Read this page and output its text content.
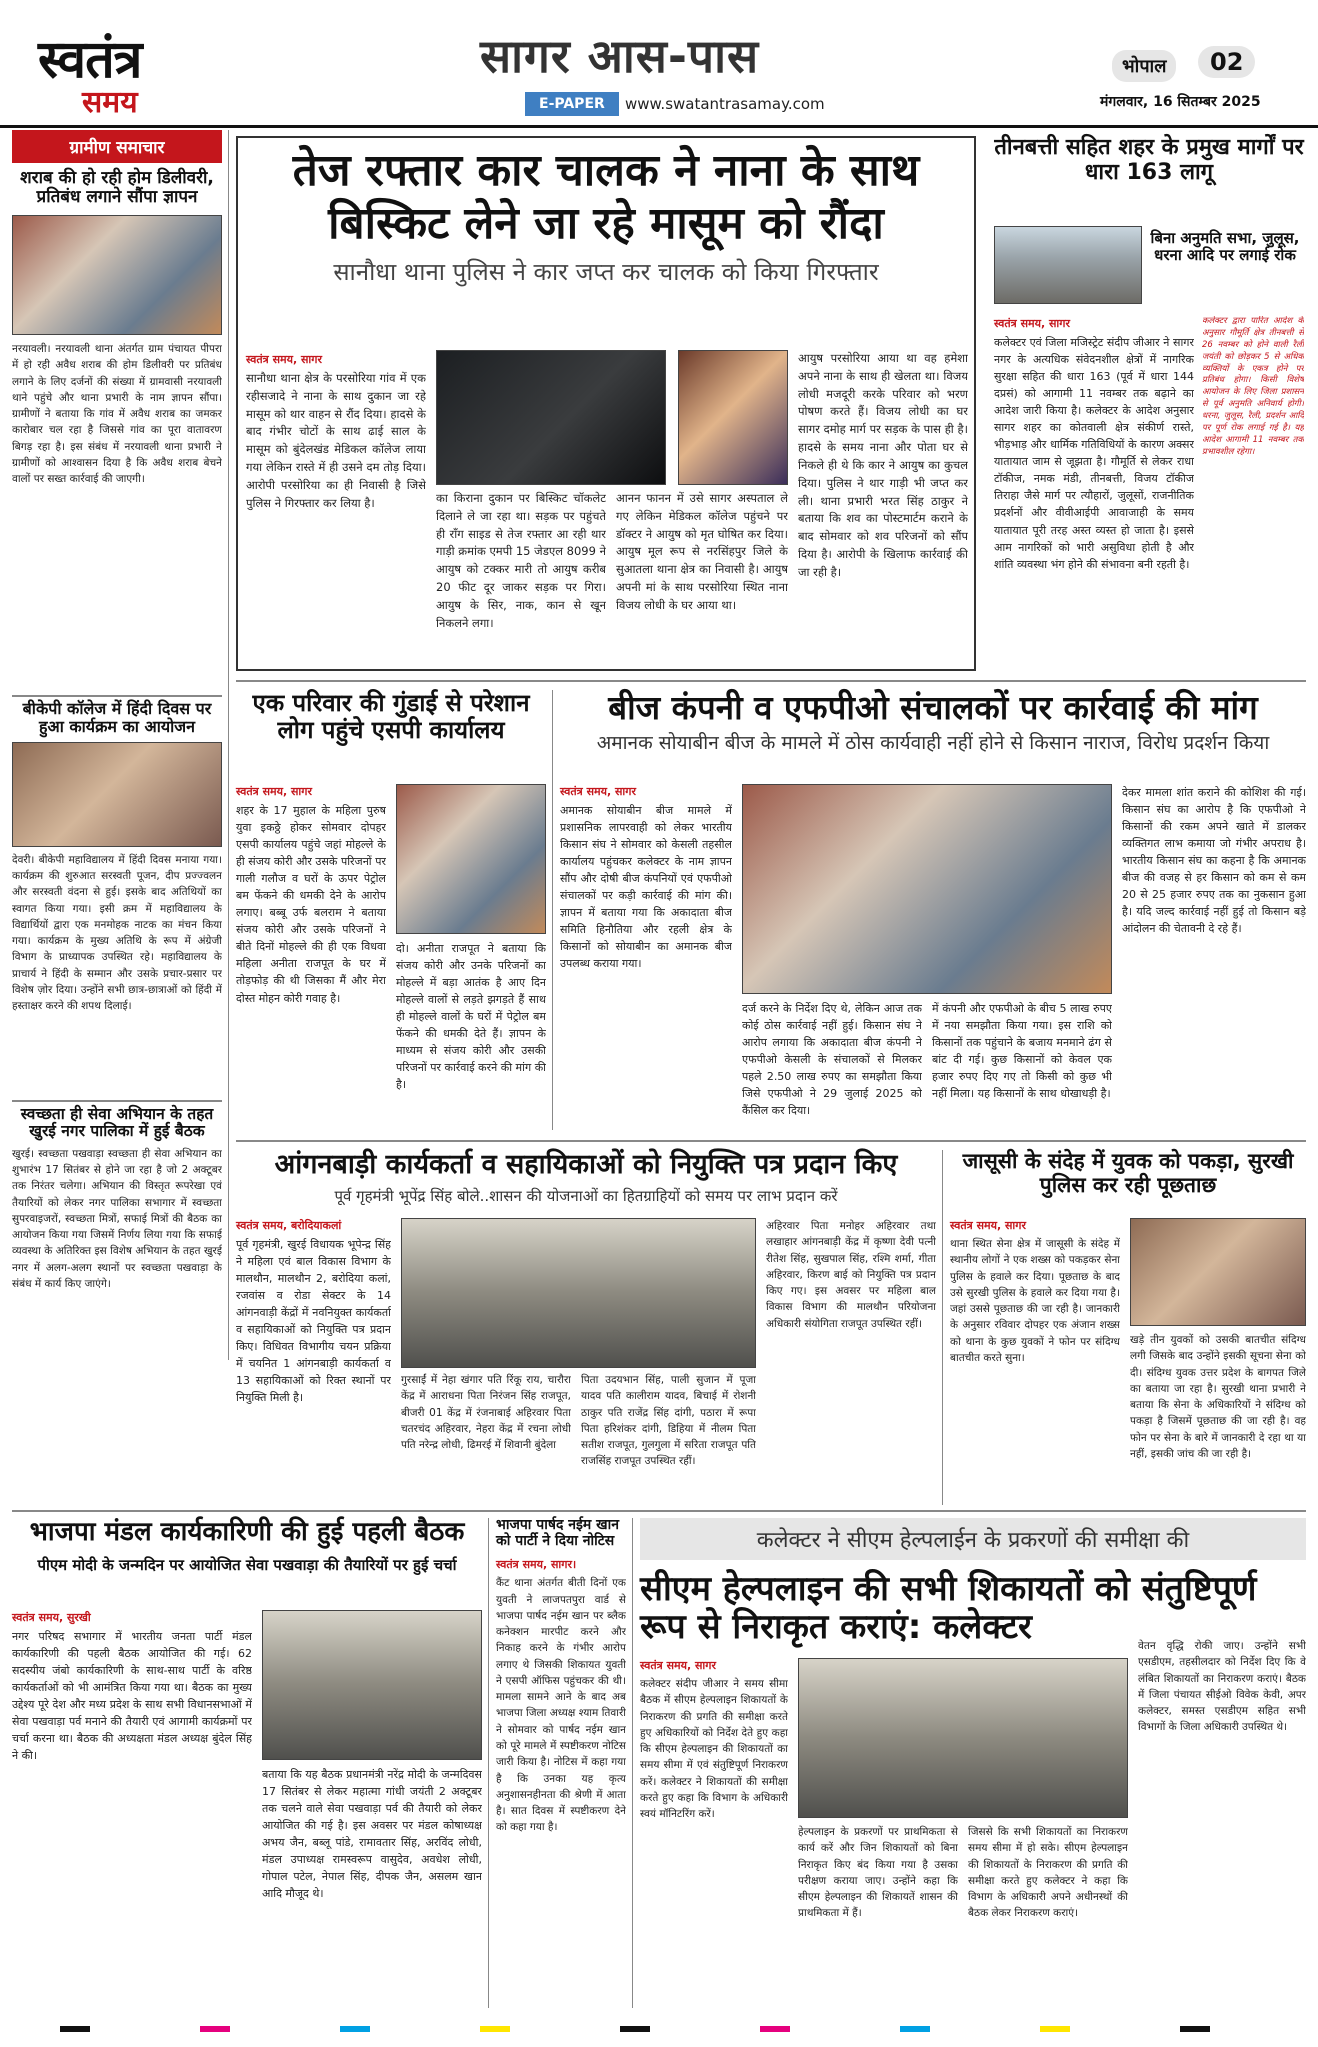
स्वतंत्र
समय
सागर आस-पास
E-PAPER	www.swatantrasamay.com
भोपाल	02
मंगलवार, 16 सितम्बर 2025
ग्रामीण समाचार
शराब की हो रही होम डिलीवरी, प्रतिबंध लगाने सौंपा ज्ञापन
नरयावली। नरयावली थाना अंतर्गत ग्राम पंचायत पीपरा में हो रही अवैध शराब की होम डिलीवरी पर प्रतिबंध लगाने के लिए दर्जनों की संख्या में ग्रामवासी नरयावली थाने पहुंचे और थाना प्रभारी के नाम ज्ञापन सौंपा। ग्रामीणों ने बताया कि गांव में अवैध शराब का जमकर कारोबार चल रहा है जिससे गांव का पूरा वातावरण बिगड़ रहा है। इस संबंध में नरयावली थाना प्रभारी ने ग्रामीणों को आश्वासन दिया है कि अवैध शराब बेचने वालों पर सख्त कार्रवाई की जाएगी।
बीकेपी कॉलेज में हिंदी दिवस पर हुआ कार्यक्रम का आयोजन
देवरी। बीकेपी महाविद्यालय में हिंदी दिवस मनाया गया। कार्यक्रम की शुरुआत सरस्वती पूजन, दीप प्रज्ज्वलन और सरस्वती वंदना से हुई। इसके बाद अतिथियों का स्वागत किया गया। इसी क्रम में महाविद्यालय के विद्यार्थियों द्वारा एक मनमोहक नाटक का मंचन किया गया। कार्यक्रम के मुख्य अतिथि के रूप में अंग्रेजी विभाग के प्राध्यापक उपस्थित रहे। महाविद्यालय के प्राचार्य ने हिंदी के सम्मान और उसके प्रचार-प्रसार पर विशेष ज़ोर दिया। उन्होंने सभी छात्र-छात्राओं को हिंदी में हस्ताक्षर करने की शपथ दिलाई।
स्वच्छता ही सेवा अभियान के तहत खुरई नगर पालिका में हुई बैठक
खुरई। स्वच्छता पखवाड़ा स्वच्छता ही सेवा अभियान का शुभारंभ 17 सितंबर से होने जा रहा है जो 2 अक्टूबर तक निरंतर चलेगा। अभियान की विस्तृत रूपरेखा एवं तैयारियों को लेकर नगर पालिका सभागार में स्वच्छता सुपरवाइजरों, स्वच्छता मित्रों, सफाई मित्रों की बैठक का आयोजन किया गया जिसमें निर्णय लिया गया कि सफाई व्यवस्था के अतिरिक्त इस विशेष अभियान के तहत खुरई नगर में अलग-अलग स्थानों पर स्वच्छता पखवाड़ा के संबंध में कार्य किए जाएंगे।
तेज रफ्तार कार चालक ने नाना के साथ
बिस्किट लेने जा रहे मासूम को रौंदा
सानौधा थाना पुलिस ने कार जप्त कर चालक को किया गिरफ्तार
स्वतंत्र समय, सागर
सानौधा थाना क्षेत्र के परसोरिया गांव में एक रहीसजादे ने नाना के साथ दुकान जा रहे मासूम को थार वाहन से रौंद दिया। हादसे के बाद गंभीर चोटों के साथ ढाई साल के मासूम को बुंदेलखंड मेडिकल कॉलेज लाया गया लेकिन रास्ते में ही उसने दम तोड़ दिया। आरोपी परसोरिया का ही निवासी है जिसे पुलिस ने गिरफ्तार कर लिया है।	का किराना दुकान पर बिस्किट चॉकलेट दिलाने ले जा रहा था। सड़क पर पहुंचते ही रॉंग साइड से तेज रफ्तार आ रही थार गाड़ी क्रमांक एमपी 15 जेडएल 8099 ने आयुष को टक्कर मारी तो आयुष करीब 20 फीट दूर जाकर सड़क पर गिरा। आयुष के सिर, नाक, कान से खून निकलने लगा।
आनन फानन में उसे सागर अस्पताल ले गए लेकिन मेडिकल कॉलेज पहुंचने पर डॉक्टर ने आयुष को मृत घोषित कर दिया। आयुष मूल रूप से नरसिंहपुर जिले के सुआतला थाना क्षेत्र का निवासी है। आयुष अपनी मां के साथ परसोरिया स्थित नाना विजय लोधी के घर आया था।
आयुष परसोरिया आया था वह हमेशा अपने नाना के साथ ही खेलता था। विजय लोधी मजदूरी करके परिवार को भरण पोषण करते हैं। विजय लोधी का घर सागर दमोह मार्ग पर सड़क के पास ही है। हादसे के समय नाना और पोता घर से निकले ही थे कि कार ने आयुष का कुचल दिया। पुलिस ने थार गाड़ी भी जप्त कर ली। थाना प्रभारी भरत सिंह ठाकुर ने बताया कि शव का पोस्टमार्टम कराने के बाद सोमवार को शव परिजनों को सौंप दिया है। आरोपी के खिलाफ कार्रवाई की जा रही है।
तीनबत्ती सहित शहर के प्रमुख मार्गों पर धारा 163 लागू
बिना अनुमति सभा, जुलूस, धरना आदि पर लगाई रोक
स्वतंत्र समय, सागर
कलेक्टर एवं जिला मजिस्ट्रेट संदीप जीआर ने सागर नगर के अत्यधिक संवेदनशील क्षेत्रों में नागरिक सुरक्षा सहित की धारा 163 (पूर्व में धारा 144 दप्रसं) को आगामी 11 नवम्बर तक बढ़ाने का आदेश जारी किया है। कलेक्टर के आदेश अनुसार सागर शहर का कोतवाली क्षेत्र संकीर्ण रास्ते, भीड़भाड़ और धार्मिक गतिविधियों के कारण अक्सर यातायात जाम से जूझता है। गौमूर्ति से लेकर राधा टॉकीज, नमक मंडी, तीनबत्ती, विजय टॉकीज तिराहा जैसे मार्ग पर त्यौहारों, जुलूसों, राजनीतिक प्रदर्शनों और वीवीआईपी आवाजाही के समय यातायात पूरी तरह अस्त व्यस्त हो जाता है। इससे आम नागरिकों को भारी असुविधा होती है और शांति व्यवस्था भंग होने की संभावना बनी रहती है।
कलेक्टर द्वारा पारित आदेश के अनुसार गौमूर्ति क्षेत्र तीनबत्ती से 26 नवम्बर को होने वाली रैली जयंती को छोड़कर 5 से अधिक व्यक्तियों के एकत्र होने पर प्रतिबंध होगा। किसी विशेष आयोजन के लिए जिला प्रशासन से पूर्व अनुमति अनिवार्य होगी। धरना, जुलूस, रैली, प्रदर्शन आदि पर पूर्ण रोक लगाई गई है। यह आदेश आगामी 11 नवम्बर तक प्रभावशील रहेगा।
एक परिवार की गुंडाई से परेशान लोग पहुंचे एसपी कार्यालय
स्वतंत्र समय, सागर
शहर के 17 मुहाल के महिला पुरुष युवा इकठ्ठे होकर सोमवार दोपहर एसपी कार्यालय पहुंचे जहां मोहल्ले के ही संजय कोरी और उसके परिजनों पर गाली गलौज व घरों के ऊपर पेट्रोल बम फेंकने की धमकी देने के आरोप लगाए। बब्बू उर्फ बलराम ने बताया संजय कोरी और उसके परिजनों ने बीते दिनों मोहल्ले की ही एक विधवा महिला अनीता राजपूत के घर में तोड़फोड़ की थी जिसका मैं और मेरा दोस्त मोहन कोरी गवाह है।
दो। अनीता राजपूत ने बताया कि संजय कोरी और उनके परिजनों का मोहल्ले में बड़ा आतंक है आए दिन मोहल्ले वालों से लड़ते झगड़ते हैं साथ ही मोहल्ले वालों के घरों में पेट्रोल बम फेंकने की धमकी देते हैं। ज्ञापन के माध्यम से संजय कोरी और उसकी परिजनों पर कार्रवाई करने की मांग की है।
बीज कंपनी व एफपीओ संचालकों पर कार्रवाई की मांग
अमानक सोयाबीन बीज के मामले में ठोस कार्यवाही नहीं होने से किसान नाराज, विरोध प्रदर्शन किया
स्वतंत्र समय, सागर
अमानक सोयाबीन बीज मामले में प्रशासनिक लापरवाही को लेकर भारतीय किसान संघ ने सोमवार को केसली तहसील कार्यालय पहुंचकर कलेक्टर के नाम ज्ञापन सौंप और दोषी बीज कंपनियों एवं एफपीओ संचालकों पर कड़ी कार्रवाई की मांग की। ज्ञापन में बताया गया कि अकादाता बीज समिति हिनौतिया और रहली क्षेत्र के किसानों को सोयाबीन का अमानक बीज उपलब्ध कराया गया।
दर्ज करने के निर्देश दिए थे, लेकिन आज तक कोई ठोस कार्रवाई नहीं हुई। किसान संघ ने आरोप लगाया कि अकादाता बीज कंपनी ने एफपीओ केसली के संचालकों से मिलकर पहले 2.50 लाख रुपए का समझौता किया जिसे एफपीओ ने 29 जुलाई 2025 को कैंसिल कर दिया।
में कंपनी और एफपीओ के बीच 5 लाख रुपए में नया समझौता किया गया। इस राशि को किसानों तक पहुंचाने के बजाय मनमाने ढंग से बांट दी गई। कुछ किसानों को केवल एक हजार रुपए दिए गए तो किसी को कुछ भी नहीं मिला। यह किसानों के साथ धोखाधड़ी है।
देकर मामला शांत कराने की कोशिश की गई। किसान संघ का आरोप है कि एफपीओ ने किसानों की रकम अपने खाते में डालकर व्यक्तिगत लाभ कमाया जो गंभीर अपराध है। भारतीय किसान संघ का कहना है कि अमानक बीज की वजह से हर किसान को कम से कम 20 से 25 हजार रुपए तक का नुकसान हुआ है। यदि जल्द कार्रवाई नहीं हुई तो किसान बड़े आंदोलन की चेतावनी दे रहे हैं।
आंगनबाड़ी कार्यकर्ता व सहायिकाओं को नियुक्ति पत्र प्रदान किए
पूर्व गृहमंत्री भूपेंद्र सिंह बोले..शासन की योजनाओं का हितग्राहियों को समय पर लाभ प्रदान करें
स्वतंत्र समय, बरोदियाकलां
पूर्व गृहमंत्री, खुरई विधायक भूपेन्द्र सिंह ने महिला एवं बाल विकास विभाग के मालथौन, मालथौन 2, बरोदिया कलां, रजवांस व रोडा सेक्टर के 14 आंगनवाड़ी केंद्रों में नवनियुक्त कार्यकर्ता व सहायिकाओं को नियुक्ति पत्र प्रदान किए। विधिवत विभागीय चयन प्रक्रिया में चयनित 1 आंगनबाड़ी कार्यकर्ता व 13 सहायिकाओं को रिक्त स्थानों पर नियुक्ति मिली है।
गुरसाईं में नेहा खंगार पति रिंकू राय, चारौरा केंद्र में आराधना पिता निरंजन सिंह राजपूत, बीजरी 01 केंद्र में रंजनाबाई अहिरवार पिता चतरचंद अहिरवार, नेहरा केंद्र में रचना लोधी पति नरेन्द्र लोधी, ढिमरई में शिवानी बुंदेला
पिता उदयभान सिंह, पाली सुजान में पूजा यादव पति कालीराम यादव, बिचाई में रोशनी ठाकुर पति राजेंद्र सिंह दांगी, पठारा में रूपा पिता हरिशंकर दांगी, डिहिया में नीलम पिता सतीश राजपूत, गुलगुला में सरिता राजपूत पति राजसिंह राजपूत उपस्थित रहीं।
अहिरवार पिता मनोहर अहिरवार तथा लखाहार आंगनबाड़ी केंद्र में कृष्णा देवी पत्नी रीतेश सिंह, सुखपाल सिंह, रश्मि शर्मा, गीता अहिरवार, किरण बाई को नियुक्ति पत्र प्रदान किए गए। इस अवसर पर महिला बाल विकास विभाग की मालथौन परियोजना अधिकारी संयोगिता राजपूत उपस्थित रहीं।
जासूसी के संदेह में युवक को पकड़ा, सुरखी पुलिस कर रही पूछताछ
स्वतंत्र समय, सागर
थाना स्थित सेना क्षेत्र में जासूसी के संदेह में स्थानीय लोगों ने एक शख्स को पकड़कर सेना पुलिस के हवाले कर दिया। पूछताछ के बाद उसे सुरखी पुलिस के हवाले कर दिया गया है। जहां उससे पूछताछ की जा रही है। जानकारी के अनुसार रविवार दोपहर एक अंजान शख्स को थाना के कुछ युवकों ने फोन पर संदिग्ध बातचीत करते सुना।
खड़े तीन युवकों को उसकी बातचीत संदिग्ध लगी जिसके बाद उन्होंने इसकी सूचना सेना को दी। संदिग्ध युवक उत्तर प्रदेश के बागपत जिले का बताया जा रहा है। सुरखी थाना प्रभारी ने बताया कि सेना के अधिकारियों ने संदिग्ध को पकड़ा है जिसमें पूछताछ की जा रही है। वह फोन पर सेना के बारे में जानकारी दे रहा था या नहीं, इसकी जांच की जा रही है।
भाजपा मंडल कार्यकारिणी की हुई पहली बैठक
पीएम मोदी के जन्मदिन पर आयोजित सेवा पखवाड़ा की तैयारियों पर हुई चर्चा
स्वतंत्र समय, सुरखी
नगर परिषद सभागार में भारतीय जनता पार्टी मंडल कार्यकारिणी की पहली बैठक आयोजित की गई। 62 सदस्यीय जंबो कार्यकारिणी के साथ-साथ पार्टी के वरिष्ठ कार्यकर्ताओं को भी आमंत्रित किया गया था। बैठक का मुख्य उद्देश्य पूरे देश और मध्य प्रदेश के साथ सभी विधानसभाओं में सेवा पखवाड़ा पर्व मनाने की तैयारी एवं आगामी कार्यक्रमों पर चर्चा करना था। बैठक की अध्यक्षता मंडल अध्यक्ष बुंदेल सिंह ने की।
बताया कि यह बैठक प्रधानमंत्री नरेंद्र मोदी के जन्मदिवस 17 सितंबर से लेकर महात्मा गांधी जयंती 2 अक्टूबर तक चलने वाले सेवा पखवाड़ा पर्व की तैयारी को लेकर आयोजित की गई है। इस अवसर पर मंडल कोषाध्यक्ष अभय जैन, बब्लू पांडे, रामावतार सिंह, अरविंद लोधी, मंडल उपाध्यक्ष रामस्वरूप वासुदेव, अवधेश लोधी, गोपाल पटेल, नेपाल सिंह, दीपक जैन, असलम खान आदि मौजूद थे।
भाजपा पार्षद नईम खान को पार्टी ने दिया नोटिस
स्वतंत्र समय, सागर।
कैंट थाना अंतर्गत बीती दिनों एक युवती ने लाजपतपुरा वार्ड से भाजपा पार्षद नईम खान पर ब्लैक कनेक्शन मारपीट करने और निकाह करने के गंभीर आरोप लगाए थे जिसकी शिकायत युवती ने एसपी ऑफिस पहुंचकर की थी। मामला सामने आने के बाद अब भाजपा जिला अध्यक्ष श्याम तिवारी ने सोमवार को पार्षद नईम खान को पूरे मामले में स्पष्टीकरण नोटिस जारी किया है। नोटिस में कहा गया है कि उनका यह कृत्य अनुशासनहीनता की श्रेणी में आता है। सात दिवस में स्पष्टीकरण देने को कहा गया है।
कलेक्टर ने सीएम हेल्पलाईन के प्रकरणों की समीक्षा की
सीएम हेल्पलाइन की सभी शिकायतों को संतुष्टिपूर्ण रूप से निराकृत कराएं: कलेक्टर
स्वतंत्र समय, सागर
कलेक्टर संदीप जीआर ने समय सीमा बैठक में सीएम हेल्पलाइन शिकायतों के निराकरण की प्रगति की समीक्षा करते हुए अधिकारियों को निर्देश देते हुए कहा कि सीएम हेल्पलाइन की शिकायतों का समय सीमा में एवं संतुष्टिपूर्ण निराकरण करें। कलेक्टर ने शिकायतों की समीक्षा करते हुए कहा कि विभाग के अधिकारी स्वयं मॉनिटरिंग करें।
हेल्पलाइन के प्रकरणों पर प्राथमिकता से कार्य करें और जिन शिकायतों को बिना निराकृत किए बंद किया गया है उसका परीक्षण कराया जाए। उन्होंने कहा कि सीएम हेल्पलाइन की शिकायतें शासन की प्राथमिकता में हैं।
जिससे कि सभी शिकायतों का निराकरण समय सीमा में हो सके। सीएम हेल्पलाइन की शिकायतों के निराकरण की प्रगति की समीक्षा करते हुए कलेक्टर ने कहा कि विभाग के अधिकारी अपने अधीनस्थों की बैठक लेकर निराकरण कराएं।
वेतन वृद्धि रोकी जाए। उन्होंने सभी एसडीएम, तहसीलदार को निर्देश दिए कि वे लंबित शिकायतों का निराकरण कराएं। बैठक में जिला पंचायत सीईओ विवेक केवी, अपर कलेक्टर, समस्त एसडीएम सहित सभी विभागों के जिला अधिकारी उपस्थित थे।
